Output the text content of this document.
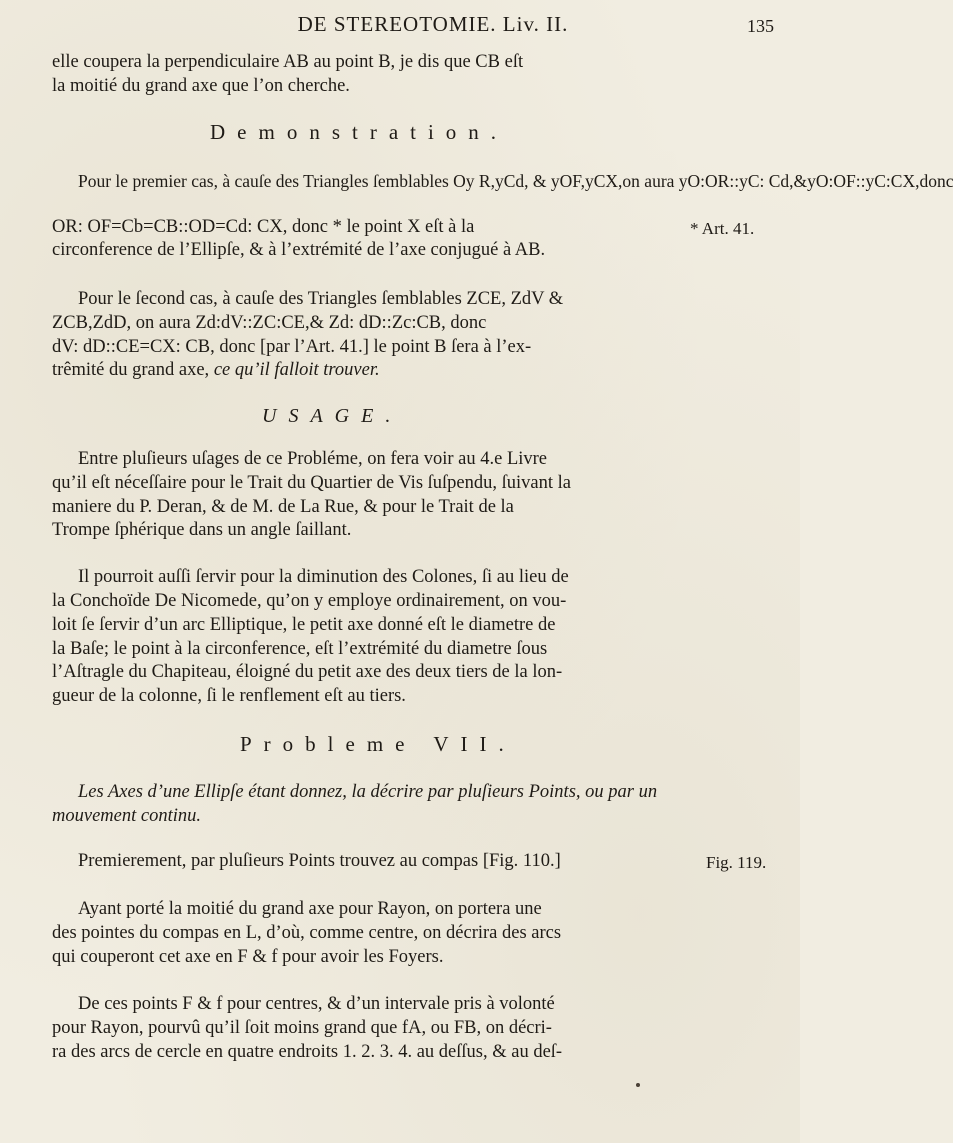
DE STEREOTOMIE. Liv. II.	135
elle coupera la perpendiculaire AB au point B, je dis que CB eſt
la moitié du grand axe que l’on cherche.
Demonstration.
Pour le premier cas, à cauſe des Triangles ſemblables Oy R,yCd, & yOF,yCX,on aura yO:OR::yC: Cd,&yO:OF::yC:CX,donc
OR: OF=Cb=CB::OD=Cd: CX, donc * le point X eſt à la
circonference de l’Ellipſe, & à l’extrémité de l’axe conjugué à AB.
* Art. 41.
Pour le ſecond cas, à cauſe des Triangles ſemblables ZCE, ZdV &
ZCB,ZdD, on aura Zd:dV::ZC:CE,& Zd: dD::Zc:CB, donc
dV: dD::CE=CX: CB, donc [par l’Art. 41.] le point B ſera à l’ex-
trêmité du grand axe, ce qu’il falloit trouver.
USAGE.
Entre pluſieurs uſages de ce Probléme, on fera voir au 4.e Livre
qu’il eſt néceſſaire pour le Trait du Quartier de Vis ſuſpendu, ſuivant la
maniere du P. Deran, & de M. de La Rue, & pour le Trait de la
Trompe ſphérique dans un angle ſaillant.
Il pourroit auſſi ſervir pour la diminution des Colones, ſi au lieu de
la Conchoïde De Nicomede, qu’on y employe ordinairement, on vou-
loit ſe ſervir d’un arc Elliptique, le petit axe donné eſt le diametre de
la Baſe; le point à la circonference, eſt l’extrémité du diametre ſous
l’Aſtragle du Chapiteau, éloigné du petit axe des deux tiers de la lon-
gueur de la colonne, ſi le renflement eſt au tiers.
Probleme VII.
Les Axes d’une Ellipſe étant donnez, la décrire par pluſieurs Points, ou par un
mouvement continu.
Premierement, par pluſieurs Points trouvez au compas [Fig. 110.]	Fig. 119.
Ayant porté la moitié du grand axe pour Rayon, on portera une
des pointes du compas en L, d’où, comme centre, on décrira des arcs
qui couperont cet axe en F & f pour avoir les Foyers.
De ces points F & f pour centres, & d’un intervale pris à volonté
pour Rayon, pourvû qu’il ſoit moins grand que fA, ou FB, on décri-
ra des arcs de cercle en quatre endroits 1. 2. 3. 4. au deſſus, & au deſ-
